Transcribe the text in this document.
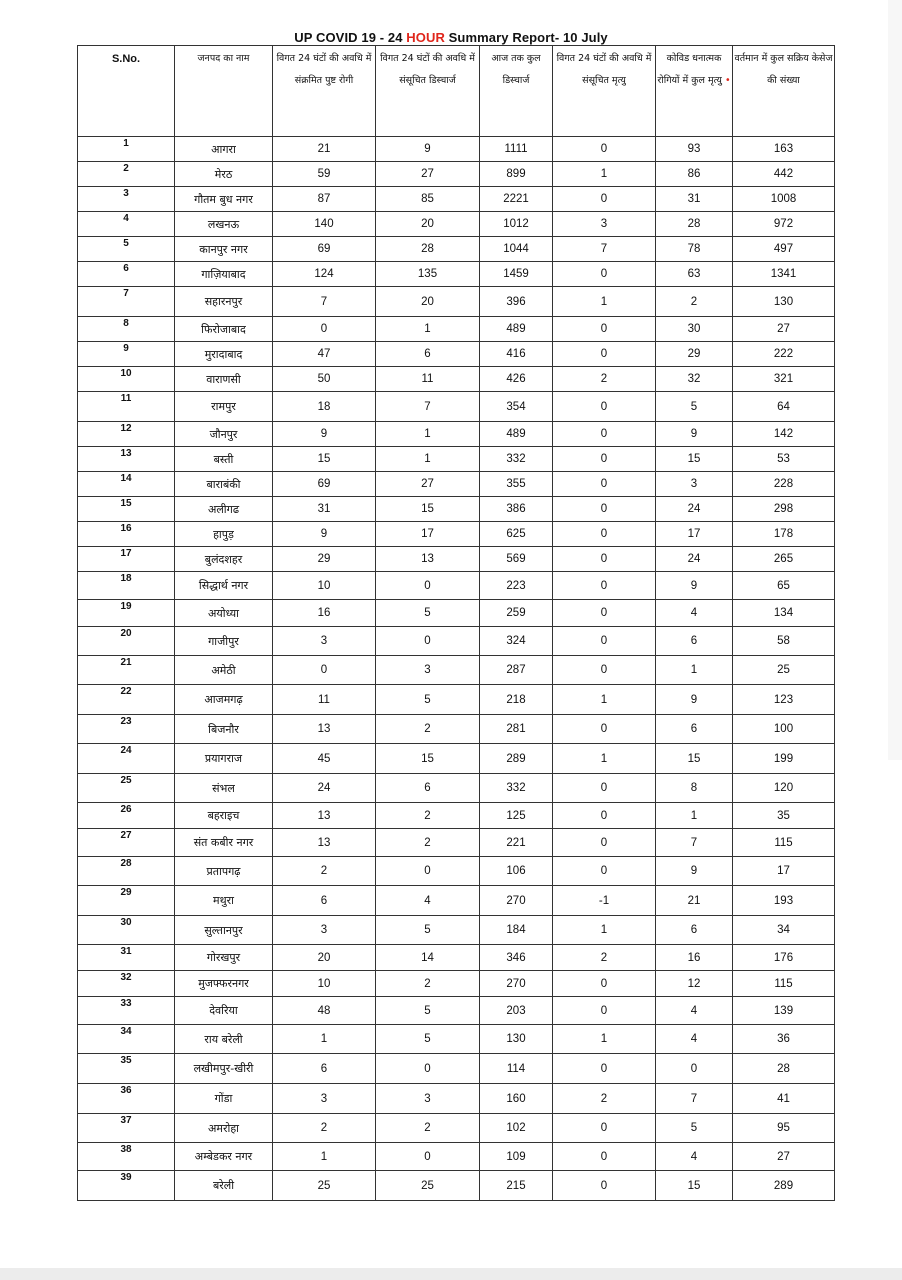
UP COVID 19 - 24 HOUR Summary Report- 10 July
S.No.	जनपद का नाम	विगत 24 घंटों की अवधि में संक्रमित पुष्ट रोगी	विगत 24 घंटों की अवधि में संसूचित डिस्चार्ज	आज तक कुल डिस्चार्ज	विगत 24 घंटों की अवधि में संसूचित मृत्यु	कोविड धनात्मक रोगियों में कुल मृत्यु •	वर्तमान में कुल सक्रिय केसेज की संख्या
1	आगरा	21	9	1111	0	93	163
2	मेरठ	59	27	899	1	86	442
3	गौतम बुध नगर	87	85	2221	0	31	1008
4	लखनऊ	140	20	1012	3	28	972
5	कानपुर नगर	69	28	1044	7	78	497
6	गाज़ियाबाद	124	135	1459	0	63	1341
7	सहारनपुर	7	20	396	1	2	130
8	फिरोजाबाद	0	1	489	0	30	27
9	मुरादाबाद	47	6	416	0	29	222
10	वाराणसी	50	11	426	2	32	321
11	रामपुर	18	7	354	0	5	64
12	जौनपुर	9	1	489	0	9	142
13	बस्ती	15	1	332	0	15	53
14	बाराबंकी	69	27	355	0	3	228
15	अलीगढ	31	15	386	0	24	298
16	हापुड़	9	17	625	0	17	178
17	बुलंदशहर	29	13	569	0	24	265
18	सिद्धार्थ नगर	10	0	223	0	9	65
19	अयोध्या	16	5	259	0	4	134
20	गाजीपुर	3	0	324	0	6	58
21	अमेठी	0	3	287	0	1	25
22	आजमगढ़	11	5	218	1	9	123
23	बिजनौर	13	2	281	0	6	100
24	प्रयागराज	45	15	289	1	15	199
25	संभल	24	6	332	0	8	120
26	बहराइच	13	2	125	0	1	35
27	संत कबीर नगर	13	2	221	0	7	115
28	प्रतापगढ़	2	0	106	0	9	17
29	मथुरा	6	4	270	-1	21	193
30	सुल्तानपुर	3	5	184	1	6	34
31	गोरखपुर	20	14	346	2	16	176
32	मुजफ्फरनगर	10	2	270	0	12	115
33	देवरिया	48	5	203	0	4	139
34	राय बरेली	1	5	130	1	4	36
35	लखीमपुर-खीरी	6	0	114	0	0	28
36	गोंडा	3	3	160	2	7	41
37	अमरोहा	2	2	102	0	5	95
38	अम्बेडकर नगर	1	0	109	0	4	27
39	बरेली	25	25	215	0	15	289
